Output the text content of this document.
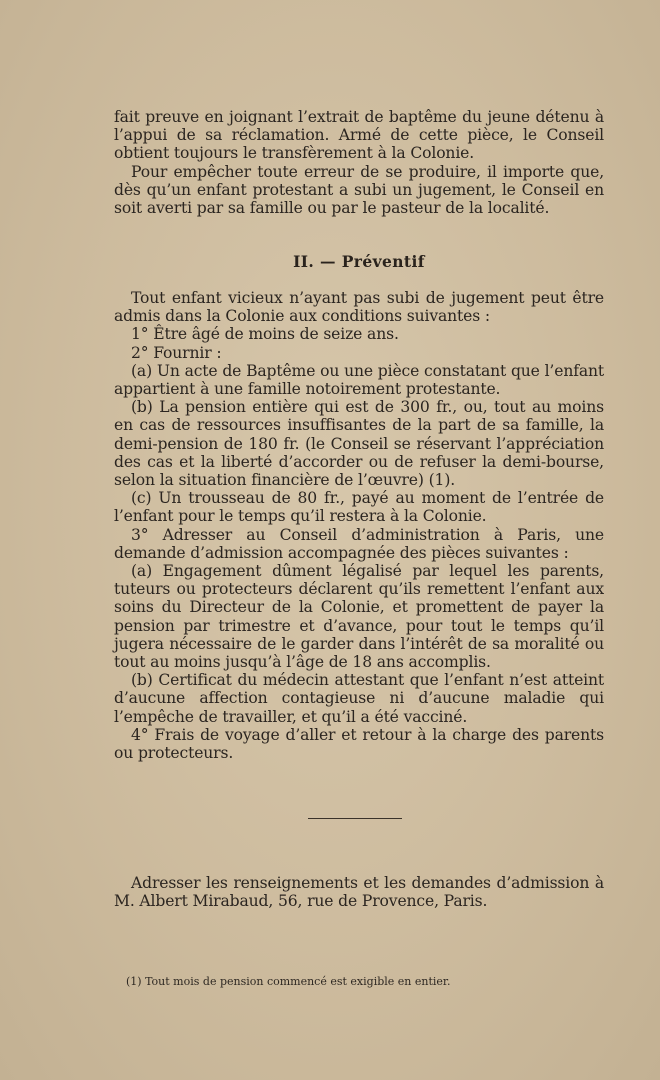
fait preuve en joignant l’extrait de baptême du jeune détenu à l’appui de sa réclamation. Armé de cette pièce, le Conseil obtient toujours le transfèrement à la Colonie.

Pour empêcher toute erreur de se produire, il importe que, dès qu’un enfant protestant a subi un jugement, le Conseil en soit averti par sa famille ou par le pasteur de la localité.

II. — Préventif

Tout enfant vicieux n’ayant pas subi de jugement peut être admis dans la Colonie aux conditions suivantes :

1° Être âgé de moins de seize ans.

2° Fournir :

(a) Un acte de Baptême ou une pièce constatant que l’enfant appartient à une famille notoirement protestante.

(b) La pension entière qui est de 300 fr., ou, tout au moins en cas de ressources insuffisantes de la part de sa famille, la demi-pension de 180 fr. (le Conseil se réservant l’appréciation des cas et la liberté d’accorder ou de refuser la demi-bourse, selon la situation financière de l’œuvre) (1).

(c) Un trousseau de 80 fr., payé au moment de l’entrée de l’enfant pour le temps qu’il restera à la Colonie.

3° Adresser au Conseil d’administration à Paris, une demande d’admission accompagnée des pièces suivantes :

(a) Engagement dûment légalisé par lequel les parents, tuteurs ou protecteurs déclarent qu’ils remettent l’enfant aux soins du Directeur de la Colonie, et promettent de payer la pension par trimestre et d’avance, pour tout le temps qu’il jugera nécessaire de le garder dans l’intérêt de sa moralité ou tout au moins jusqu’à l’âge de 18 ans accomplis.

(b) Certificat du médecin attestant que l’enfant n’est atteint d’aucune affection contagieuse ni d’aucune maladie qui l’empêche de travailler, et qu’il a été vacciné.

4° Frais de voyage d’aller et retour à la charge des parents ou protecteurs.

Adresser les renseignements et les demandes d’admission à M. Albert Mirabaud, 56, rue de Provence, Paris.

(1) Tout mois de pension commencé est exigible en entier.
